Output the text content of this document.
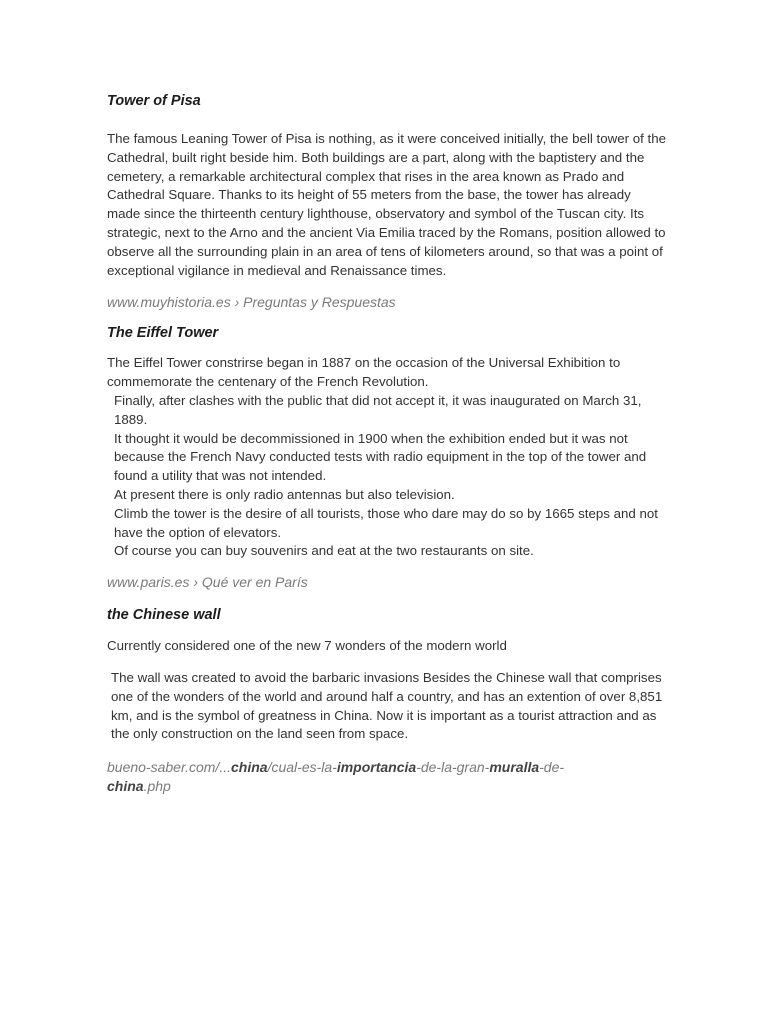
Tower of Pisa

The famous Leaning Tower of Pisa is nothing, as it were conceived initially, the bell tower of the Cathedral, built right beside him. Both buildings are a part, along with the baptistery and the cemetery, a remarkable architectural complex that rises in the area known as Prado and Cathedral Square. Thanks to its height of 55 meters from the base, the tower has already made since the thirteenth century lighthouse, observatory and symbol of the Tuscan city. Its strategic, next to the Arno and the ancient Via Emilia traced by the Romans, position allowed to observe all the surrounding plain in an area of tens of kilometers around, so that was a point of exceptional vigilance in medieval and Renaissance times.

www.muyhistoria.es › Preguntas y Respuestas

The Eiffel Tower

The Eiffel Tower constrirse began in 1887 on the occasion of the Universal Exhibition to commemorate the centenary of the French Revolution.

Finally, after clashes with the public that did not accept it, it was inaugurated on March 31, 1889.

It thought it would be decommissioned in 1900 when the exhibition ended but it was not because the French Navy conducted tests with radio equipment in the top of the tower and found a utility that was not intended.

At present there is only radio antennas but also television.

Climb the tower is the desire of all tourists, those who dare may do so by 1665 steps and not have the option of elevators.

Of course you can buy souvenirs and eat at the two restaurants on site.

www.paris.es › Qué ver en París

the Chinese wall

Currently considered one of the new 7 wonders of the modern world

The wall was created to avoid the barbaric invasions Besides the Chinese wall that comprises one of the wonders of the world and around half a country, and has an extention of over 8,851 km, and is the symbol of greatness in China. Now it is important as a tourist attraction and as the only construction on the land seen from space.

bueno-saber.com/...china/cual-es-la-importancia-de-la-gran-muralla-de-
china.php
